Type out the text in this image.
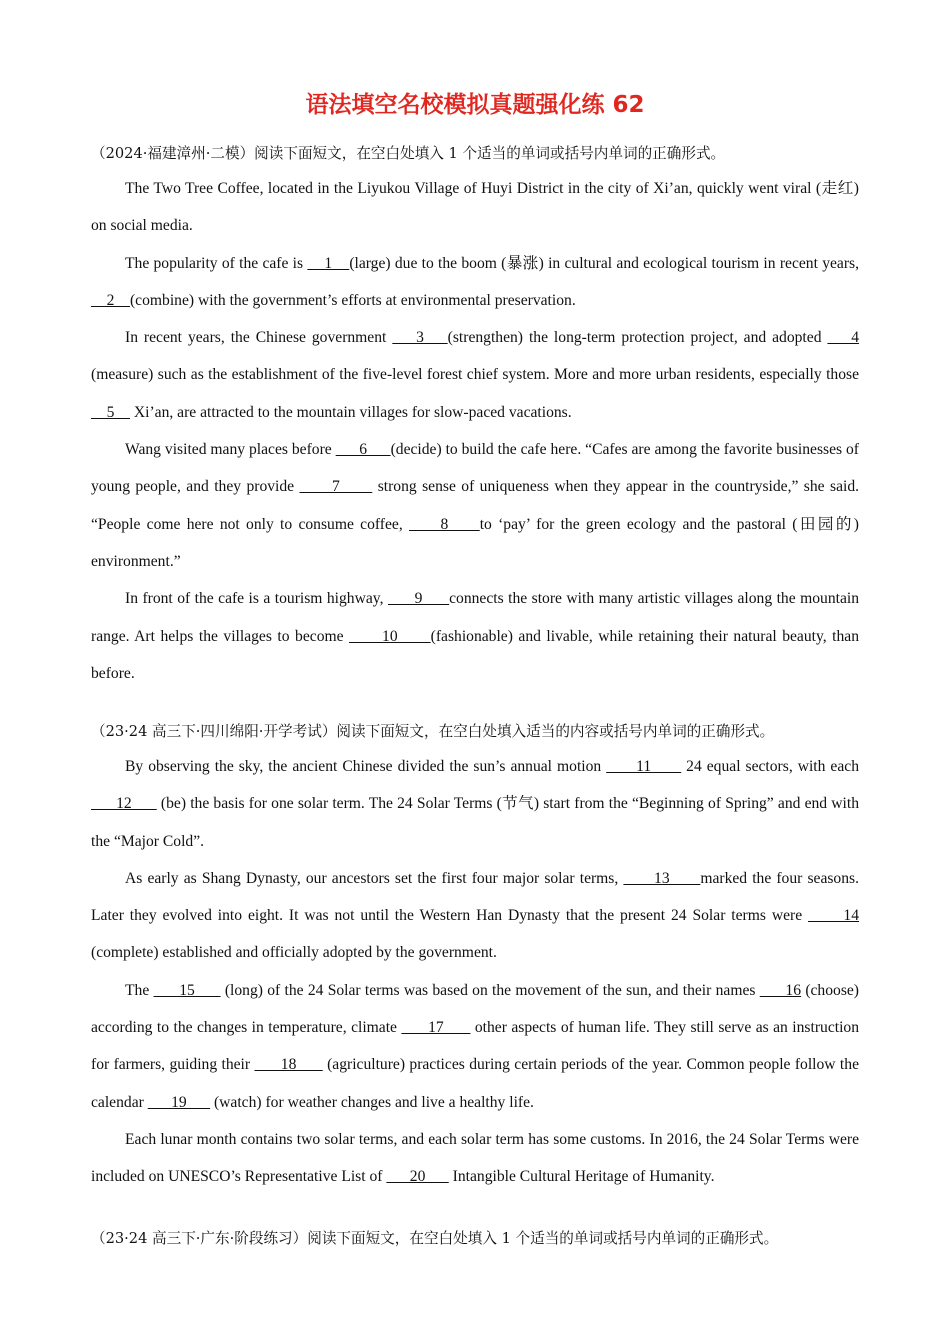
语法填空名校模拟真题强化练 62
（2024·福建漳州·二模）阅读下面短文，在空白处填入 1 个适当的单词或括号内单词的正确形式。

The Two Tree Coffee, located in the Liyukou Village of Huyi District in the city of Xi’an, quickly went viral (走红) on social media.

The popularity of the cafe is     1    (large) due to the boom (暴涨) in cultural and ecological tourism in recent years,     2    (combine) with the government’s efforts at environmental preservation.

In recent years, the Chinese government     3    (strengthen) the long-term protection project, and adopted     4 (measure) such as the establishment of the five-level forest chief system. More and more urban residents, especially those     5     Xi’an, are attracted to the mountain villages for slow-paced vacations.

Wang visited many places before       6      (decide) to build the cafe here. “Cafes are among the favorite businesses of young people, and they provide       7       strong sense of uniqueness when they appear in the countryside,” she said. “People come here not only to consume coffee,      8     to ‘pay’ for the green ecology and the pastoral (田园的) environment.”

In front of the cafe is a tourism highway,       9      connects the store with many artistic villages along the mountain range. Art helps the villages to become       10      (fashionable) and livable, while retaining their natural beauty, than before.

（23·24 高三下·四川绵阳·开学考试）阅读下面短文，在空白处填入适当的内容或括号内单词的正确形式。

By observing the sky, the ancient Chinese divided the sun’s annual motion       11       24 equal sectors, with each       12       (be) the basis for one solar term. The 24 Solar Terms (节气) start from the “Beginning of Spring” and end with the “Major Cold”.

As early as Shang Dynasty, our ancestors set the first four major solar terms,       13      marked the four seasons. Later they evolved into eight. It was not until the Western Han Dynasty that the present 24 Solar terms were       14 (complete) established and officially adopted by the government.

The       15       (long) of the 24 Solar terms was based on the movement of the sun, and their names       16 (choose) according to the changes in temperature, climate       17       other aspects of human life. They still serve as an instruction for farmers, guiding their       18       (agriculture) practices during certain periods of the year. Common people follow the calendar       19       (watch) for weather changes and live a healthy life.

Each lunar month contains two solar terms, and each solar term has some customs. In 2016, the 24 Solar Terms were included on UNESCO’s Representative List of       20       Intangible Cultural Heritage of Humanity.

（23·24 高三下·广东·阶段练习）阅读下面短文，在空白处填入 1 个适当的单词或括号内单词的正确形式。
